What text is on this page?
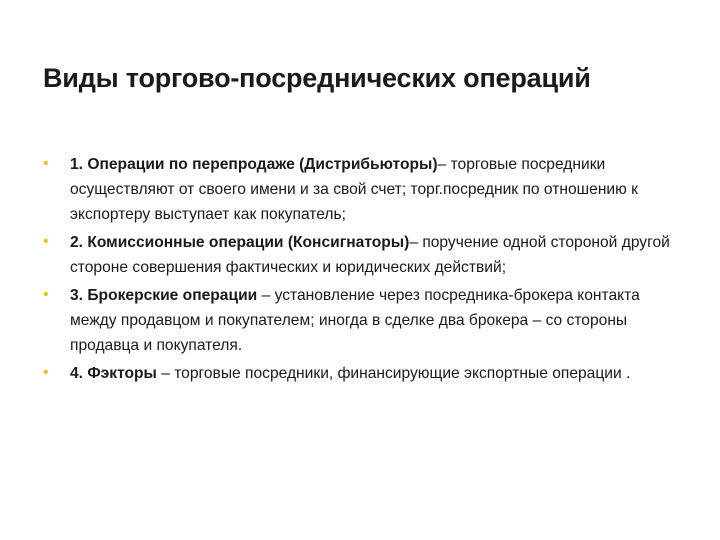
Виды торгово-посреднических операций
• 1. Операции по перепродаже (Дистрибьюторы)– торговые посредники осуществляют от своего имени и за свой счет; торг.посредник по отношению к экспортеру выступает как покупатель;
• 2. Комиссионные операции (Консигнаторы)– поручение одной стороной другой стороне совершения фактических и юридических действий;
• 3. Брокерские операции – установление через посредника-брокера контакта между продавцом и покупателем; иногда в сделке два брокера – со стороны продавца и покупателя.
• 4. Фэкторы – торговые посредники, финансирующие экспортные операции .
